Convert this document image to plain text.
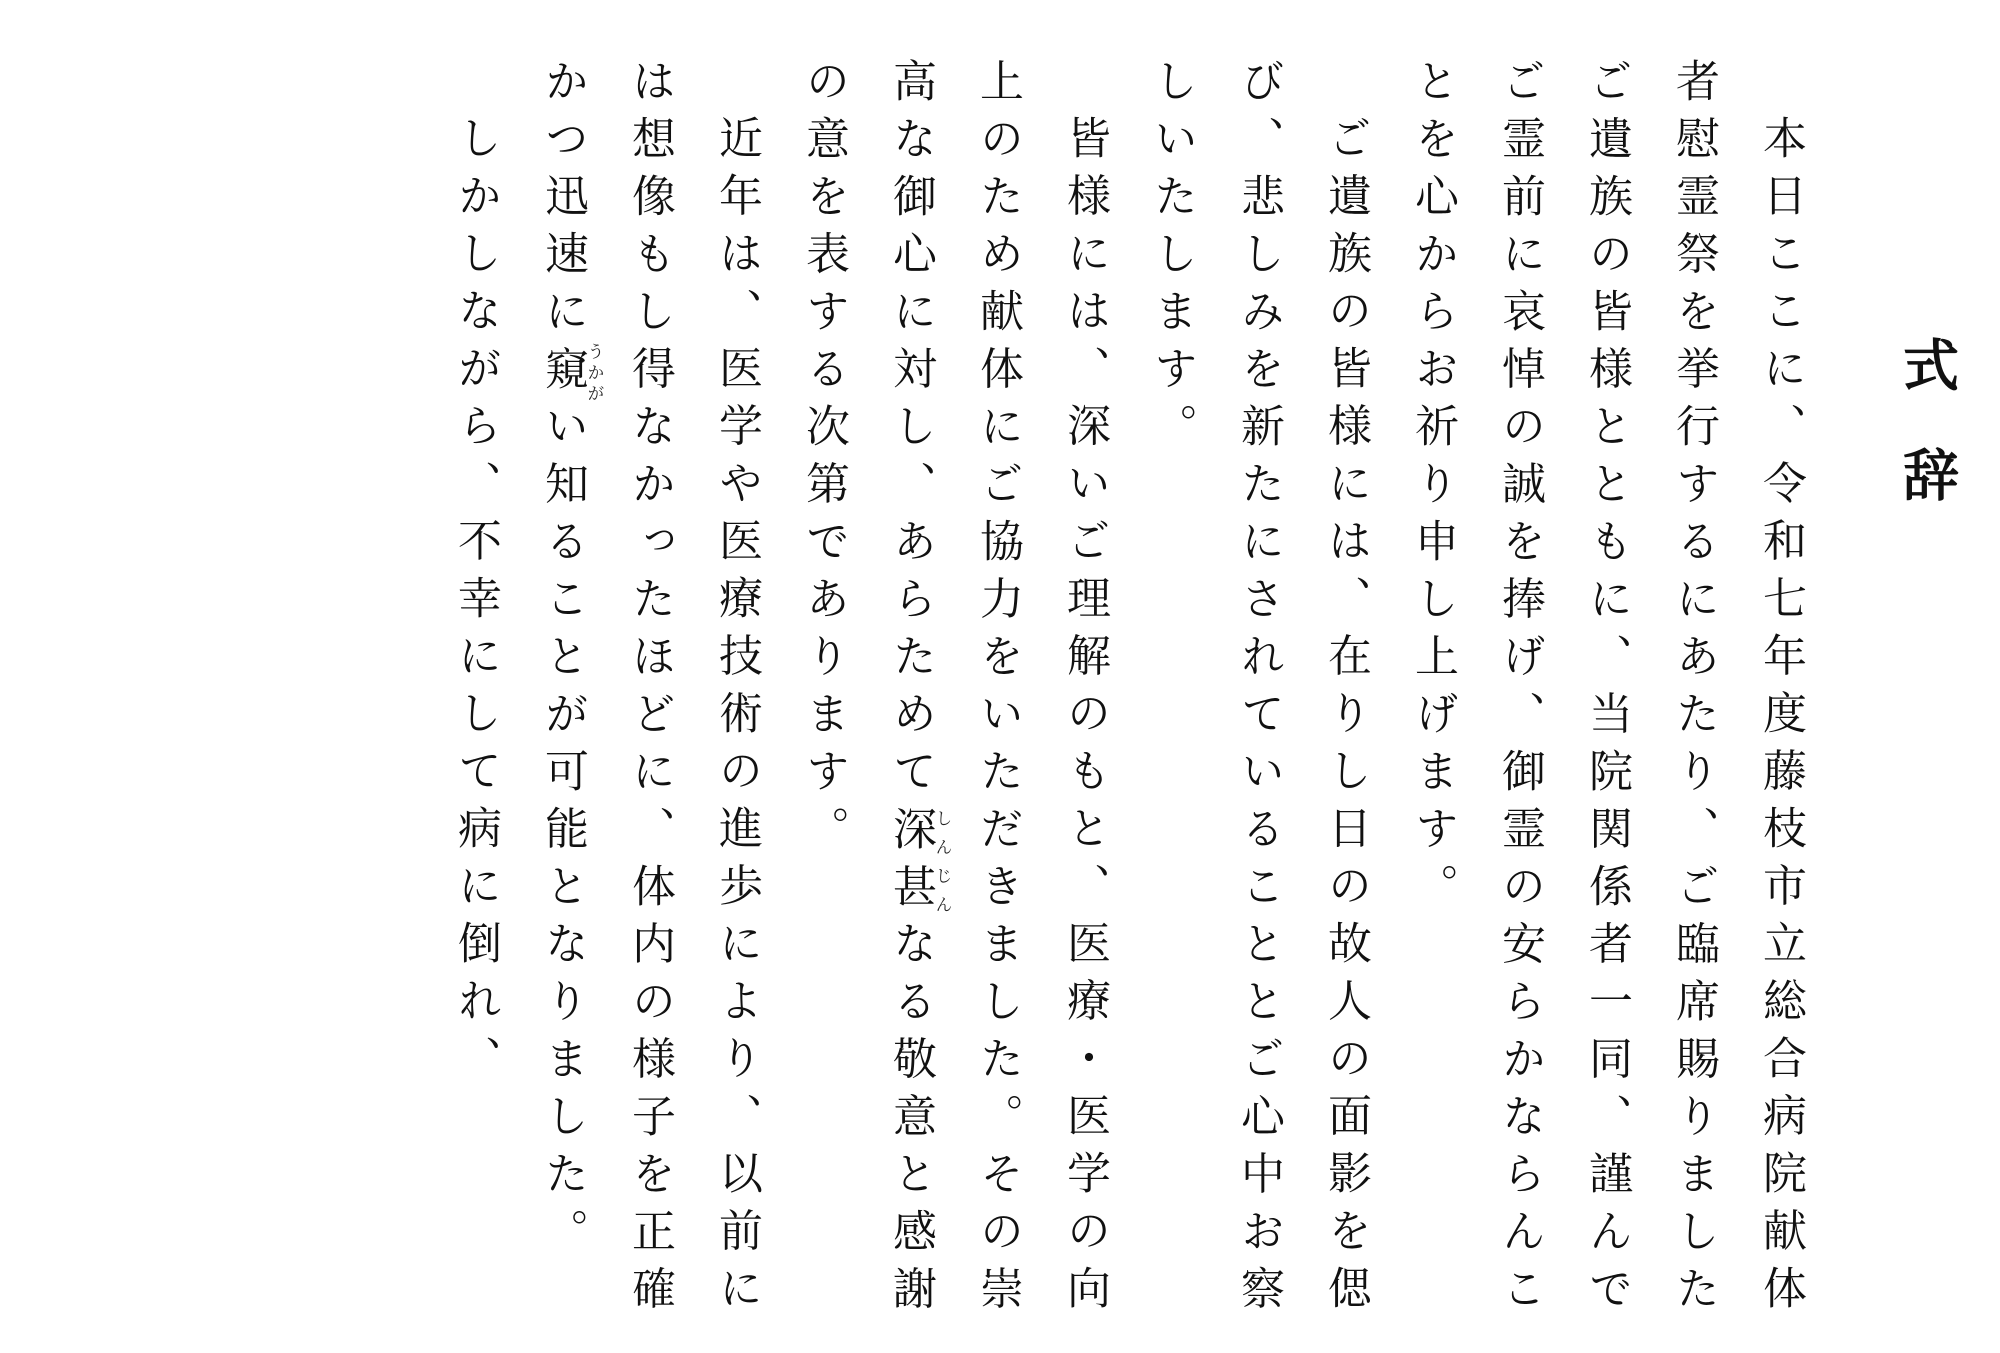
式辞

本日ここに、令和七年度藤枝市立総合病院献体者慰霊祭を挙行するにあたり、ご臨席賜りましたご遺族の皆様とともに、当院関係者一同、謹んでご霊前に哀悼の誠を捧げ、御霊の安らかならんことを心からお祈り申し上げます。

ご遺族の皆様には、在りし日の故人の面影を偲び、悲しみを新たにされていることとご心中お察しいたします。

皆様には、深いご理解のもと、医療・医学の向上のため献体にご協力をいただきました。その崇高な御心に対し、あらためて深甚しんじんなる敬意と感謝の意を表する次第であります。

近年は、医学や医療技術の進歩により、以前には想像もし得なかったほどに、体内の様子を正確かつ迅速に窺うかがい知ることが可能となりました。

しかしながら、不幸にして病に倒れ、
